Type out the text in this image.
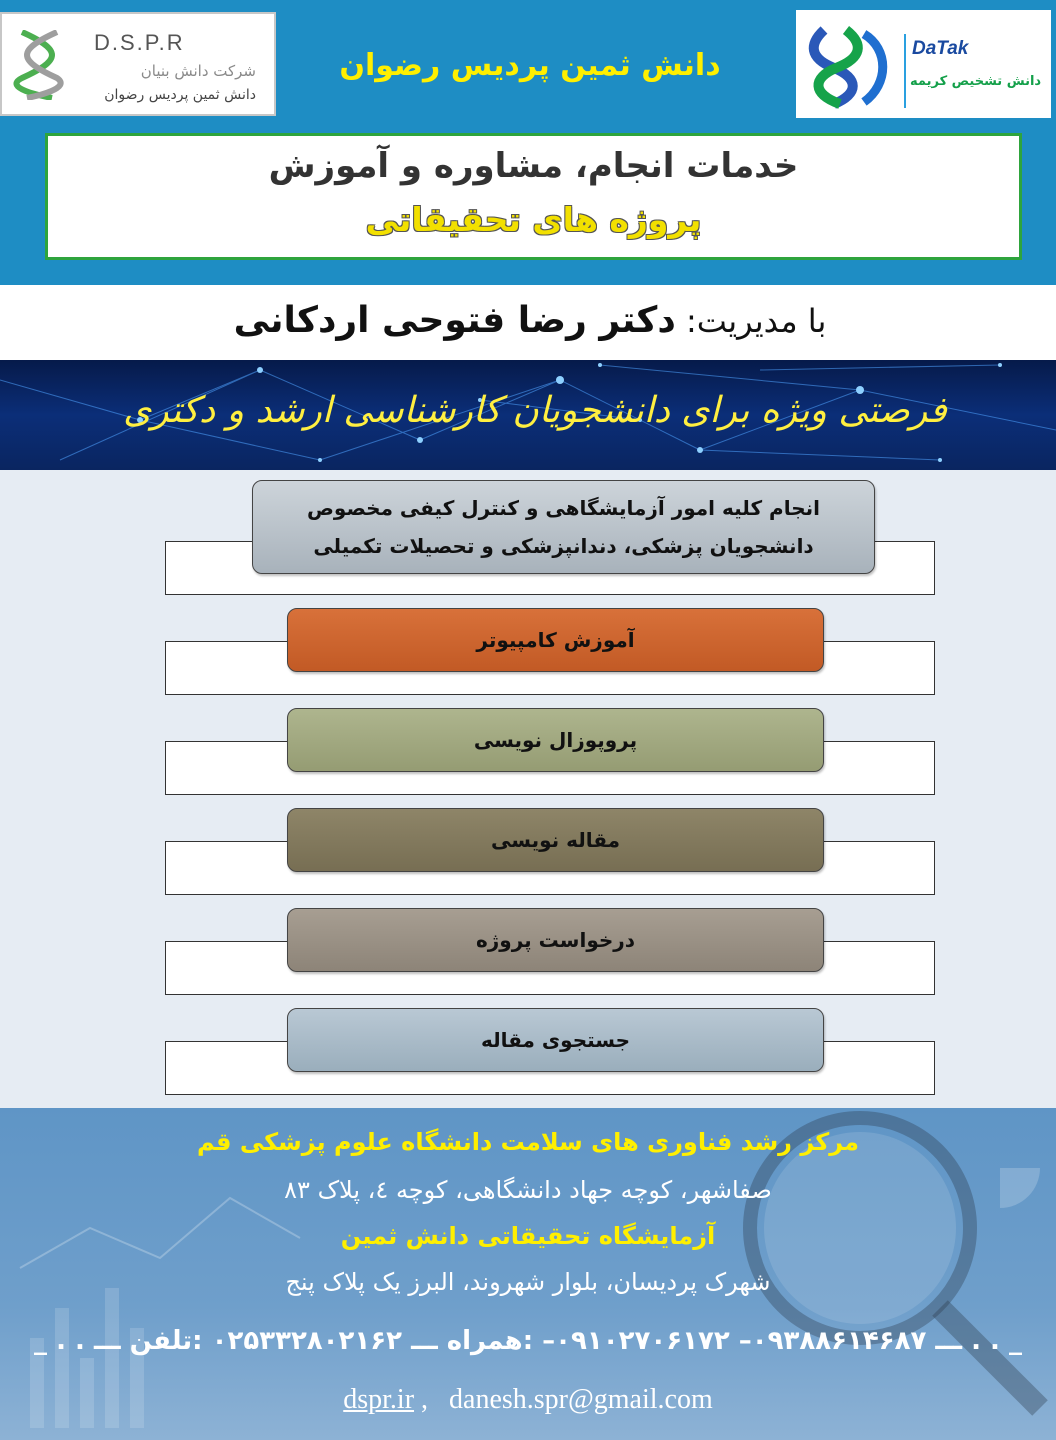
D.S.P.R
شرکت دانش بنیان
دانش ثمین پردیس رضوان
دانش ثمین پردیس رضوان	DaTak
دانش تشخیص کریمه
خدمات انجام، مشاوره و آموزش
پروژه های تحقیقاتی
با مدیریت: دکتر رضا فتوحی اردکانی
فرصتی ویژه برای دانشجویان کارشناسی ارشد و دکتری
انجام کلیه امور آزمایشگاهی و کنترل کیفی مخصوص دانشجویان پزشکی، دندانپزشکی و تحصیلات تکمیلی
آموزش کامپیوتر
پروپوزال نویسی
مقاله نویسی
درخواست پروژه
جستجوی مقاله
مرکز رشد فناوری های سلامت دانشگاه علوم پزشکی قم
صفاشهر، کوچه جهاد دانشگاهی، کوچه ٤، پلاک ٨٣
آزمایشگاه تحقیقاتی دانش ثمین
شهرک پردیسان، بلوار شهروند، البرز یک پلاک پنج
_ . . ـــ ۰۹۳۸۸۶۱۴۶۸۷– ۰۹۱۰۲۷۰۶۱۷۲– :همراه ـــ ۰۲۵۳۳۲۸۰۲۱۶۲ :تلفن ـــ . . _
dspr.ir ,   danesh.spr@gmail.com
